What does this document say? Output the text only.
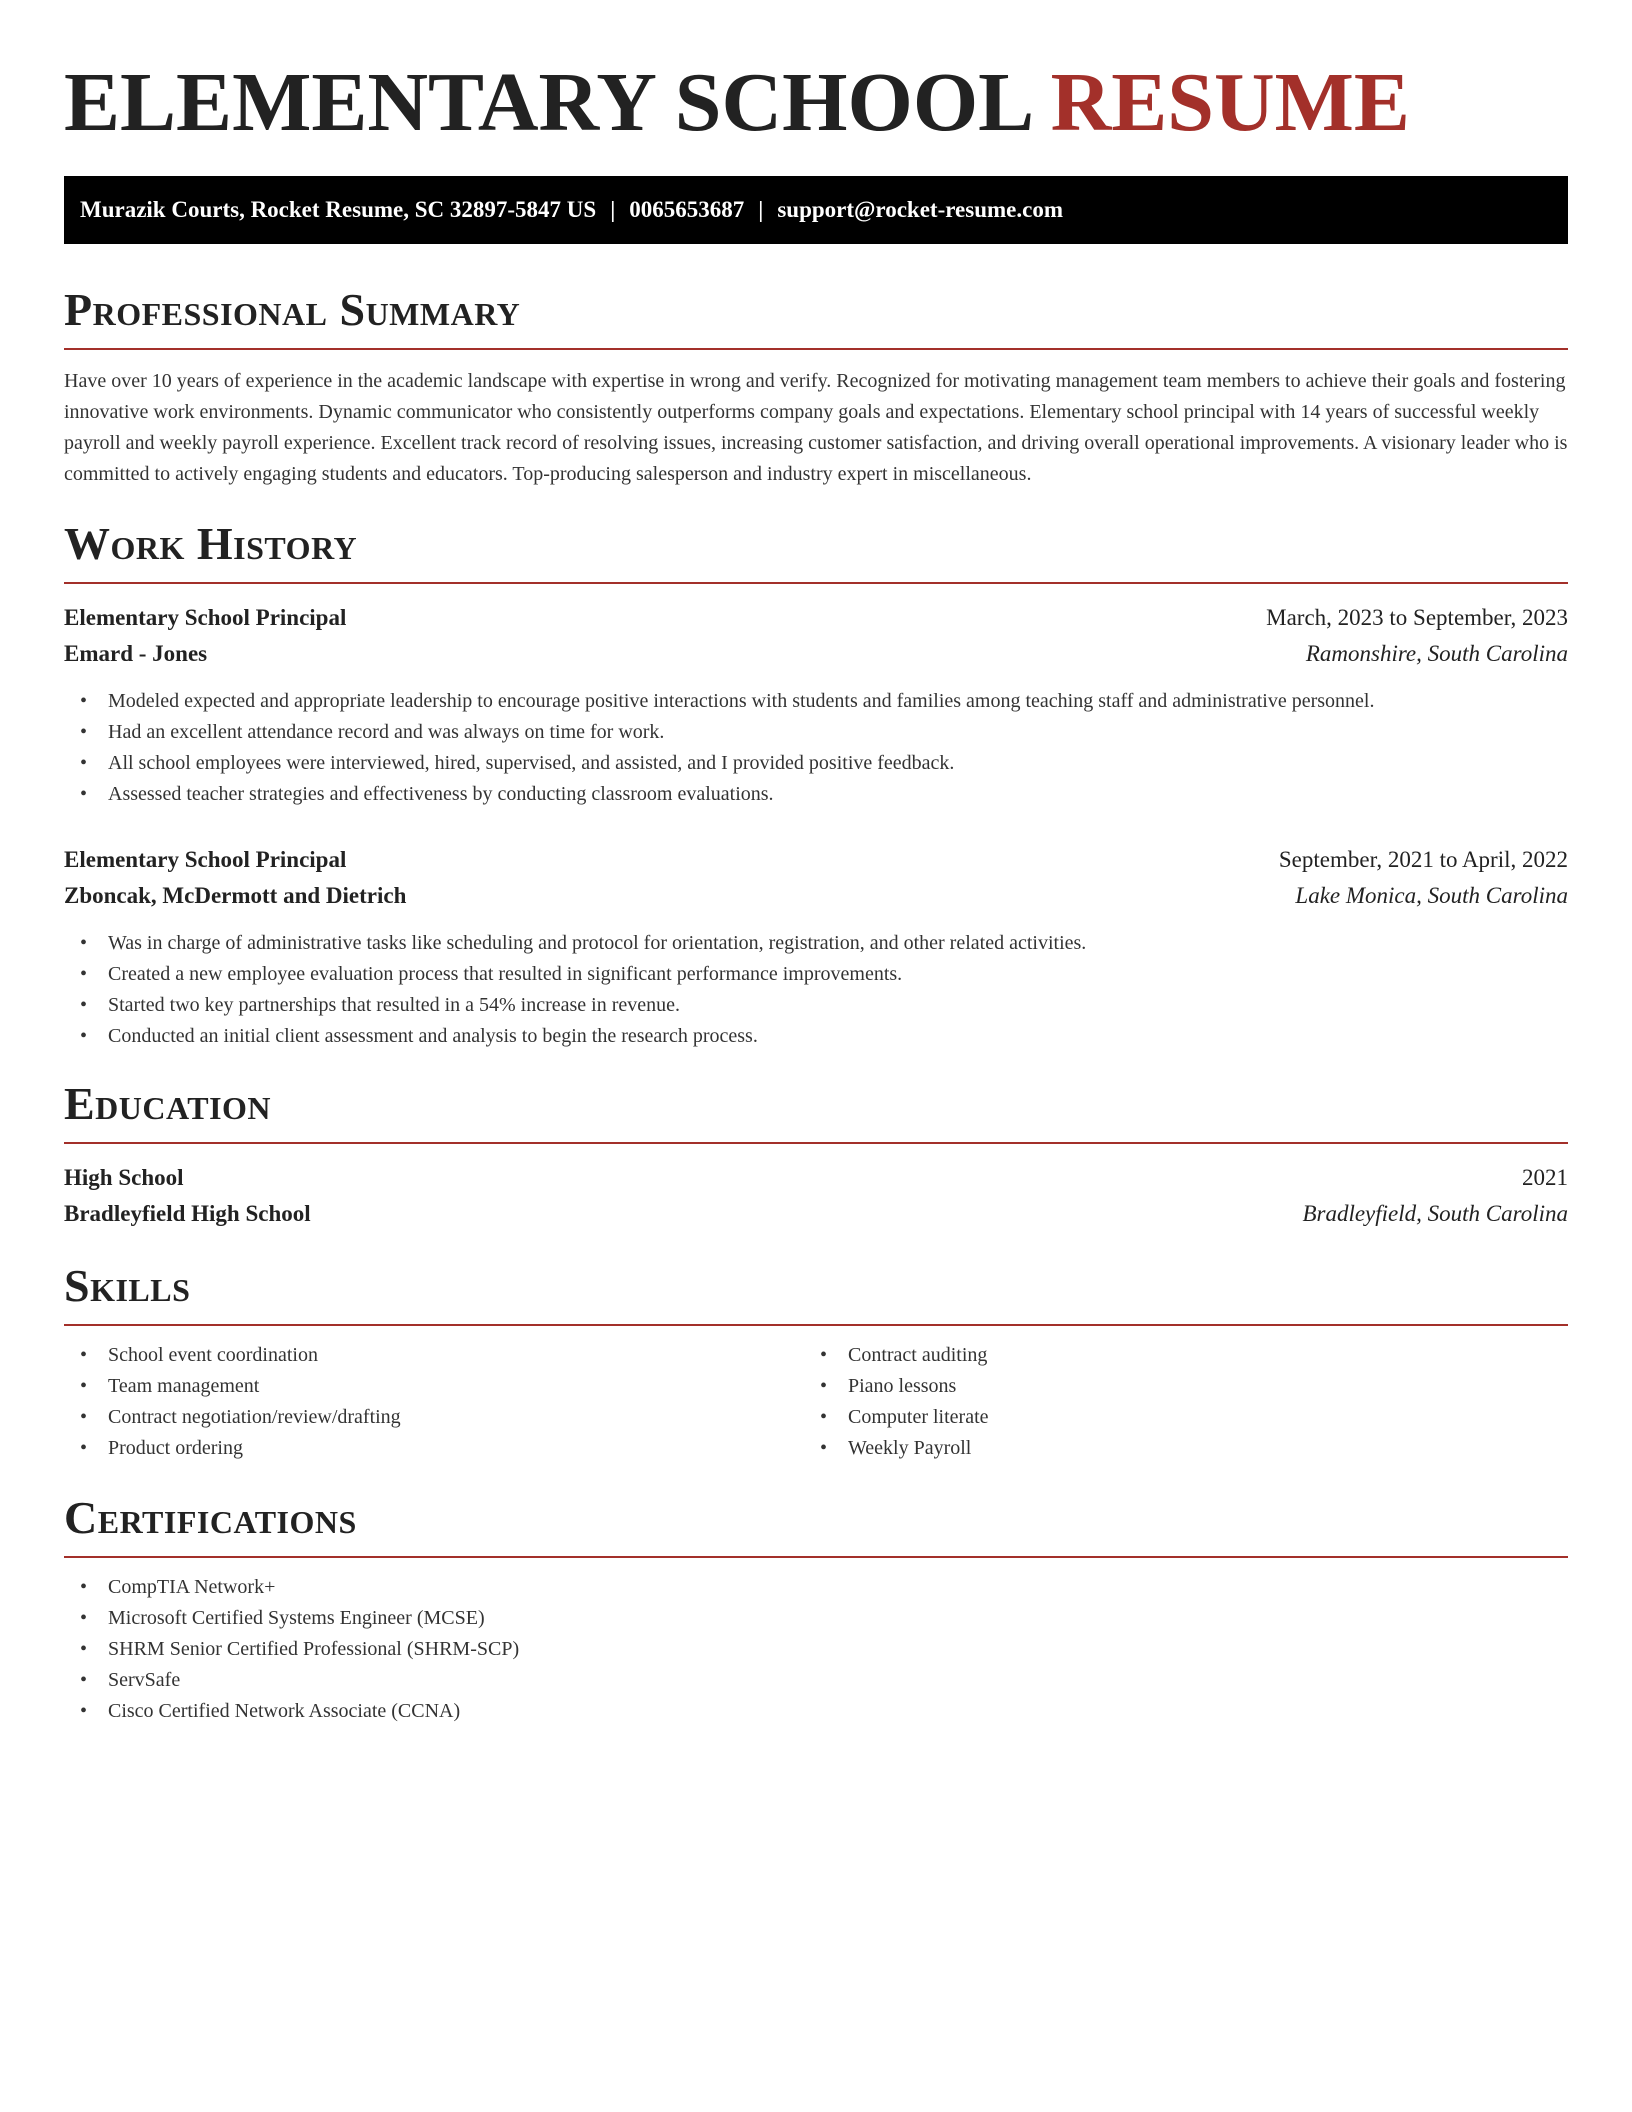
ELEMENTARY SCHOOL RESUME
Murazik Courts, Rocket Resume, SC 32897-5847 US | 0065653687 | support@rocket-resume.com
Professional Summary

Have over 10 years of experience in the academic landscape with expertise in wrong and verify. Recognized for motivating management team members to achieve their goals and fostering innovative work environments. Dynamic communicator who consistently outperforms company goals and expectations. Elementary school principal with 14 years of successful weekly payroll and weekly payroll experience. Excellent track record of resolving issues, increasing customer satisfaction, and driving overall operational improvements. A visionary leader who is committed to actively engaging students and educators. Top-producing salesperson and industry expert in miscellaneous.

Work History
Elementary School Principal	March, 2023 to September, 2023
Emard - Jones	Ramonshire, South Carolina
• Modeled expected and appropriate leadership to encourage positive interactions with students and families among teaching staff and administrative personnel.
• Had an excellent attendance record and was always on time for work.
• All school employees were interviewed, hired, supervised, and assisted, and I provided positive feedback.
• Assessed teacher strategies and effectiveness by conducting classroom evaluations.
Elementary School Principal	September, 2021 to April, 2022
Zboncak, McDermott and Dietrich	Lake Monica, South Carolina
• Was in charge of administrative tasks like scheduling and protocol for orientation, registration, and other related activities.
• Created a new employee evaluation process that resulted in significant performance improvements.
• Started two key partnerships that resulted in a 54% increase in revenue.
• Conducted an initial client assessment and analysis to begin the research process.
Education
High School	2021
Bradleyfield High School	Bradleyfield, South Carolina
Skills
• School event coordination
• Team management
• Contract negotiation/review/drafting
• Product ordering
• Contract auditing
• Piano lessons
• Computer literate
• Weekly Payroll
Certifications
• CompTIA Network+
• Microsoft Certified Systems Engineer (MCSE)
• SHRM Senior Certified Professional (SHRM-SCP)
• ServSafe
• Cisco Certified Network Associate (CCNA)
